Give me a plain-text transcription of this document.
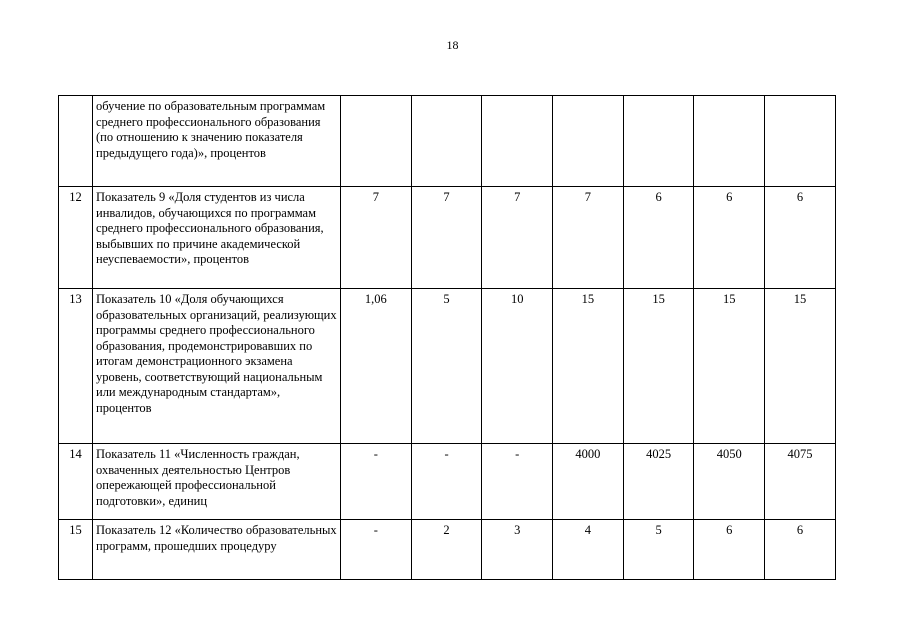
18
	обучение по образовательным программам среднего профессионального образования (по отношению к значению показателя предыдущего года)», процентов							
12	Показатель 9 «Доля студентов из числа инвалидов, обучающихся по программам среднего профессионального образования, выбывших по причине академической неуспеваемости», процентов	7	7	7	7	6	6	6
13	Показатель 10 «Доля обучающихся образовательных организаций, реализующих программы среднего профессионального образования, продемонстрировавших по итогам демонстрационного экзамена уровень, соответствующий национальным или международным стандартам», процентов	1,06	5	10	15	15	15	15
14	Показатель 11 «Численность граждан, охваченных деятельностью Центров опережающей профессиональной подготовки», единиц	-	-	-	4000	4025	4050	4075
15	Показатель 12 «Количество образовательных программ, прошедших процедуру	-	2	3	4	5	6	6
